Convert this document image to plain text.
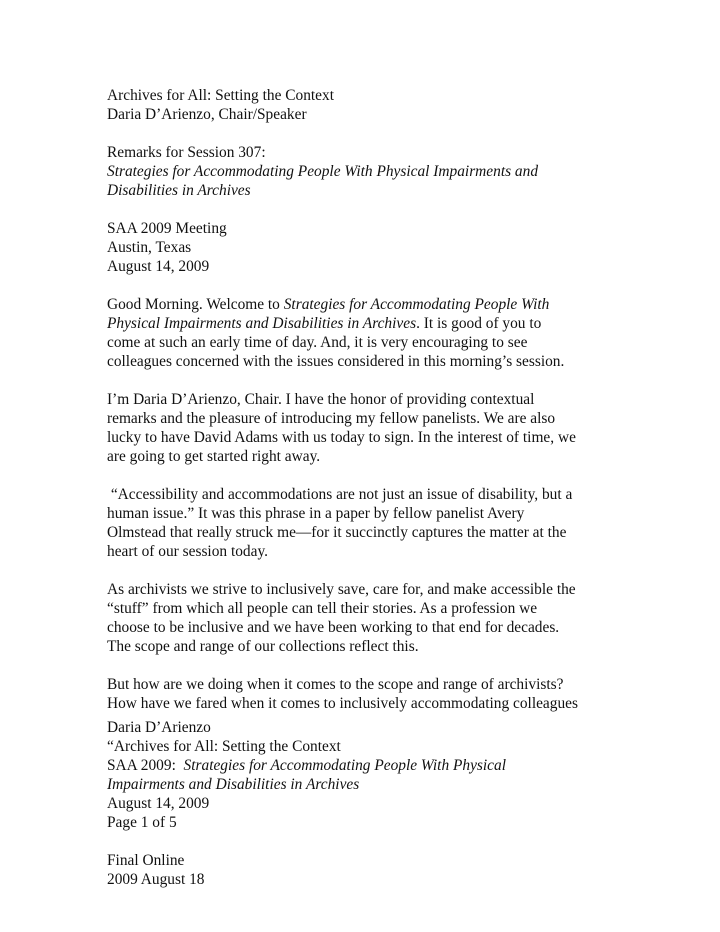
Archives for All: Setting the Context
Daria D’Arienzo, Chair/Speaker
Remarks for Session 307:
Strategies for Accommodating People With Physical Impairments and
Disabilities in Archives
SAA 2009 Meeting
Austin, Texas
August 14, 2009
Good Morning. Welcome to Strategies for Accommodating People With
Physical Impairments and Disabilities in Archives. It is good of you to
come at such an early time of day. And, it is very encouraging to see
colleagues concerned with the issues considered in this morning’s session.
I’m Daria D’Arienzo, Chair. I have the honor of providing contextual
remarks and the pleasure of introducing my fellow panelists. We are also
lucky to have David Adams with us today to sign. In the interest of time, we
are going to get started right away.
“Accessibility and accommodations are not just an issue of disability, but a
human issue.” It was this phrase in a paper by fellow panelist Avery
Olmstead that really struck me—for it succinctly captures the matter at the
heart of our session today.
As archivists we strive to inclusively save, care for, and make accessible the
“stuff” from which all people can tell their stories. As a profession we
choose to be inclusive and we have been working to that end for decades.
The scope and range of our collections reflect this.
But how are we doing when it comes to the scope and range of archivists?
How have we fared when it comes to inclusively accommodating colleagues
Daria D’Arienzo
“Archives for All: Setting the Context
SAA 2009:  Strategies for Accommodating People With Physical
Impairments and Disabilities in Archives
August 14, 2009
Page 1 of 5
Final Online
2009 August 18
